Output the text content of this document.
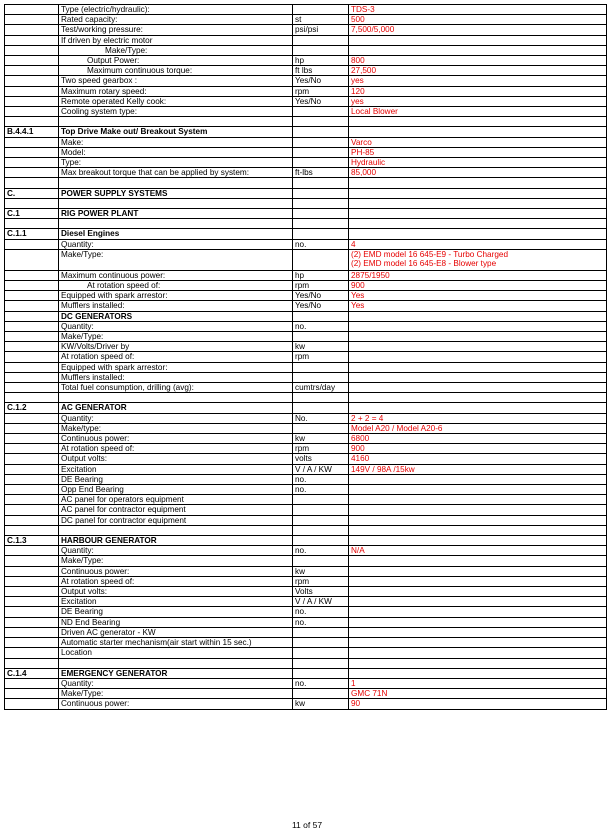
	Type (electric/hydraulic):		TDS-3
	Rated capacity:	st	500
	Test/working pressure:	psi/psi	7,500/5,000
	If driven by electric motor		
	Make/Type:		
	Output Power:	hp	800
	Maximum continuous torque:	ft lbs	27,500
	Two speed gearbox :	Yes/No	yes
	Maximum rotary speed:	rpm	120
	Remote operated Kelly cook:	Yes/No	yes
	Cooling system type:		Local Blower

B.4.4.1	Top Drive Make out/ Breakout System		
	Make:		Varco
	Model:		PH-85
	Type:		Hydraulic
	Max breakout torque that can be applied by system:	ft-lbs	85,000

C.	POWER SUPPLY SYSTEMS		

C.1	RIG POWER PLANT		

C.1.1	Diesel Engines		
	Quantity:	no.	4
	Make/Type:		(2) EMD model 16 645-E9 - Turbo Charged
(2) EMD model 16 645-E8 - Blower type

	Maximum continuous power:	hp	2875/1950
	At rotation speed of:	rpm	900
	Equipped with spark arrestor:	Yes/No	Yes
	Mufflers installed:	Yes/No	Yes
	DC GENERATORS		
	Quantity:	no.	
	Make/Type:		
	KW/Volts/Driver by	kw	
	At rotation speed of:	rpm	
	Equipped with spark arrestor:		
	Mufflers installed:		
	Total fuel consumption, drilling (avg):	cumtrs/day	

C.1.2	AC GENERATOR		
	Quantity:	No.	2 + 2 = 4
	Make/type:		Model A20 / Model A20-6
	Continuous power:	kw	6800
	At rotation speed of:	rpm	900
	Output volts:	volts	4160
	Excitation	V / A / KW	149V / 98A /15kw
	DE Bearing	no.	
	Opp End Bearing	no.	
	AC panel for operators equipment		
	AC panel for contractor equipment		
	DC panel for contractor equipment		

C.1.3	HARBOUR GENERATOR		
	Quantity:	no.	N/A
	Make/Type:		
	Continuous power:	kw	
	At rotation speed of:	rpm	
	Output volts:	Volts	
	Excitation	V / A / KW	
	DE Bearing	no.	
	ND End Bearing	no.	
	Driven AC generator - KW		
	Automatic starter mechanism(air start within 15 sec.)		
	Location		

C.1.4	EMERGENCY GENERATOR		
	Quantity:	no.	1
	Make/Type:		GMC 71N
	Continuous power:	kw	90
11 of 57
